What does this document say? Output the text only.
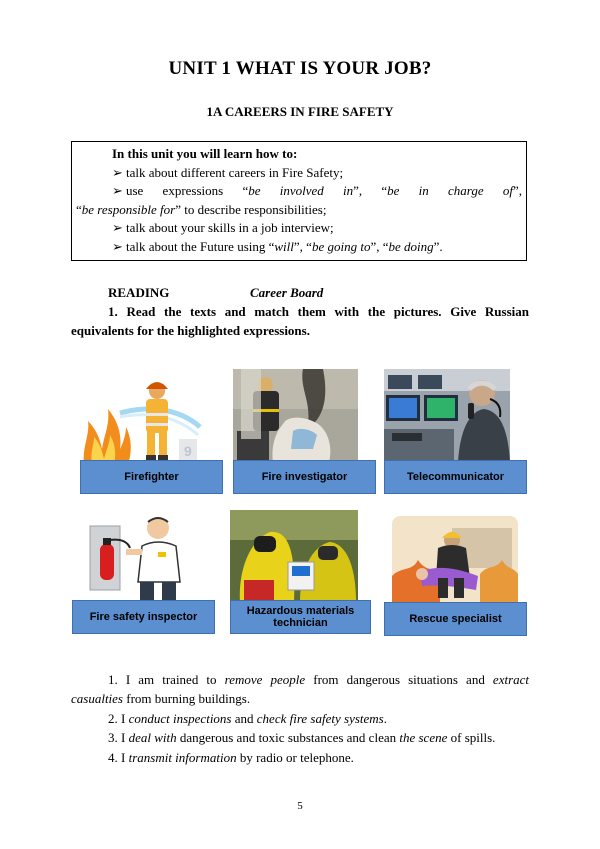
UNIT 1 WHAT IS YOUR JOB?
1A CAREERS IN FIRE SAFETY
In this unit you will learn how to:
➢ talk about different careers in Fire Safety;
➢ use expressions “be involved in”, “be in charge of”,
“be responsible for” to describe responsibilities;
➢ talk about your skills in a job interview;
➢ talk about the Future using “will”, “be going to”, “be doing”.
READING	Career Board
1. Read the texts and match them with the pictures. Give Russian equivalents for the highlighted expressions.
9
Firefighter	Fire investigator	Telecommunicator
Fire safety inspector	Hazardous materials
technician	Rescue specialist

1. I am trained to remove people from dangerous situations and extract casualties from burning buildings.

2. I conduct inspections and check fire safety systems.

3. I deal with dangerous and toxic substances and clean the scene of spills.

4. I transmit information by radio or telephone.

5
